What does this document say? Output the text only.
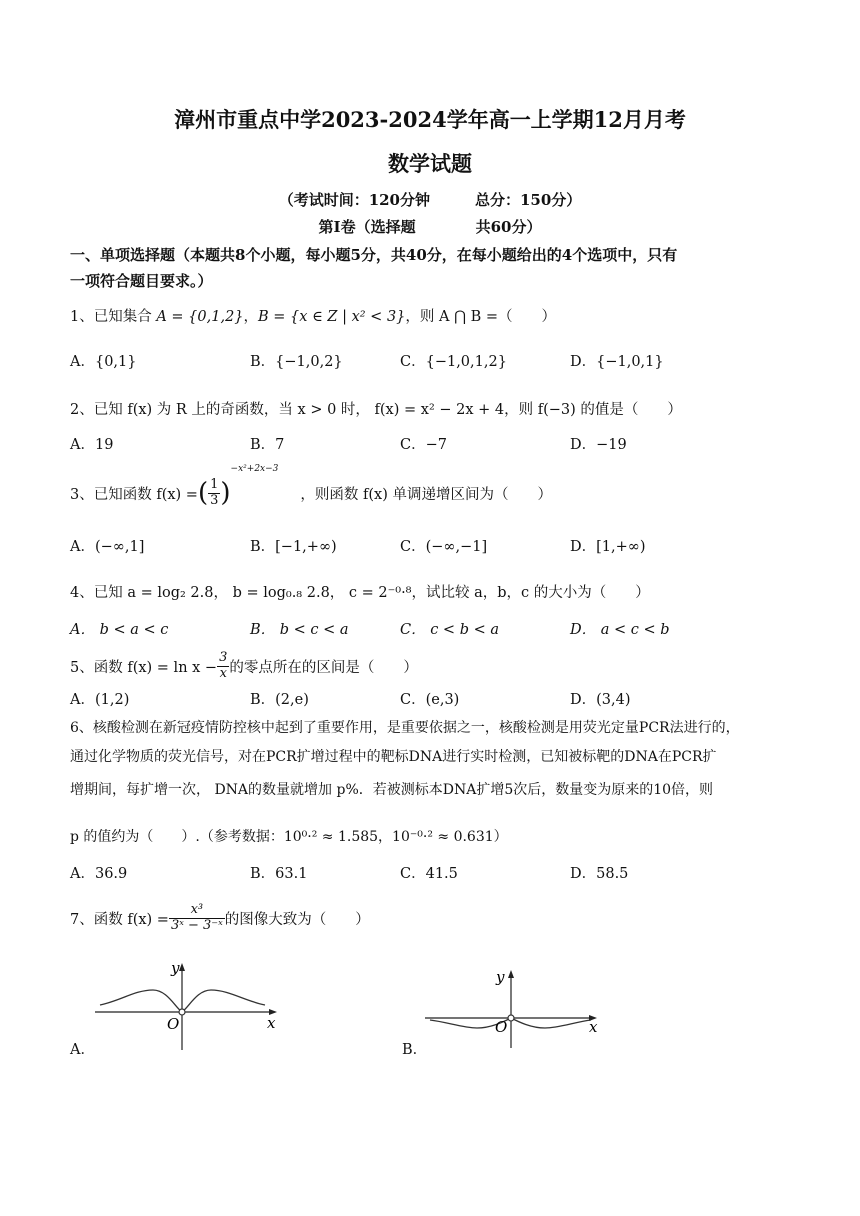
漳州市重点中学2023-2024学年高一上学期12月月考
数学试题
（考试时间：120分钟　　　总分：150分）
第Ⅰ卷（选择题　　　　共60分）
一、单项选择题（本题共8个小题，每小题5分，共40分，在每小题给出的4个选项中，只有
一项符合题目要求。）
1、已知集合 A = {0,1,2}，B = {x ∈ Z | x² < 3}，则 A ⋂ B =（　　）
A．{0,1}	B．{−1,0,2}	C．{−1,0,1,2}	D．{−1,0,1}
2、已知 f(x) 为 R 上的奇函数，当 x > 0 时， f(x) = x² − 2x + 4，则 f(−3) 的值是（　　）
A．19	B．7	C．−7	D．−19
3、已知函数 f(x) = ( $\frac{1}{3}$ )
−x²+2x−3
，则函数 f(x) 单调递增区间为（　　）
A．(−∞,1]	B．[−1,+∞)	C．(−∞,−1]	D．[1,+∞)
4、已知 a = log₂ 2.8， b = log₀.₈ 2.8， c = 2⁻⁰·⁸，试比较 a，b，c 的大小为（　　）
A． b < a < c	B． b < c < a	C． c < b < a	D． a < c < b
5、函数 $f(x) = \ln x - \frac{3}{x}$ 的零点所在的区间是（　　）
A．(1,2)	B．(2,e)	C．(e,3)	D．(3,4)
6、核酸检测在新冠疫情防控核中起到了重要作用，是重要依据之一，核酸检测是用荧光定量PCR法进行的，
通过化学物质的荧光信号，对在PCR扩增过程中的靶标DNA进行实时检测，已知被标靶的DNA在PCR扩
增期间，每扩增一次， DNA的数量就增加 p%．若被测标本DNA扩增5次后，数量变为原来的10倍，则
p 的值约为（　　）.（参考数据：10⁰·² ≈ 1.585，10⁻⁰·² ≈ 0.631）
A．36.9	B．63.1	C．41.5	D．58.5
7、函数 $f(x) = \frac{\text{x³}}{\text{3ˣ − 3⁻ˣ}}$ 的图像大致为（　　）
y
x
O
A．
y
x
O
B．
